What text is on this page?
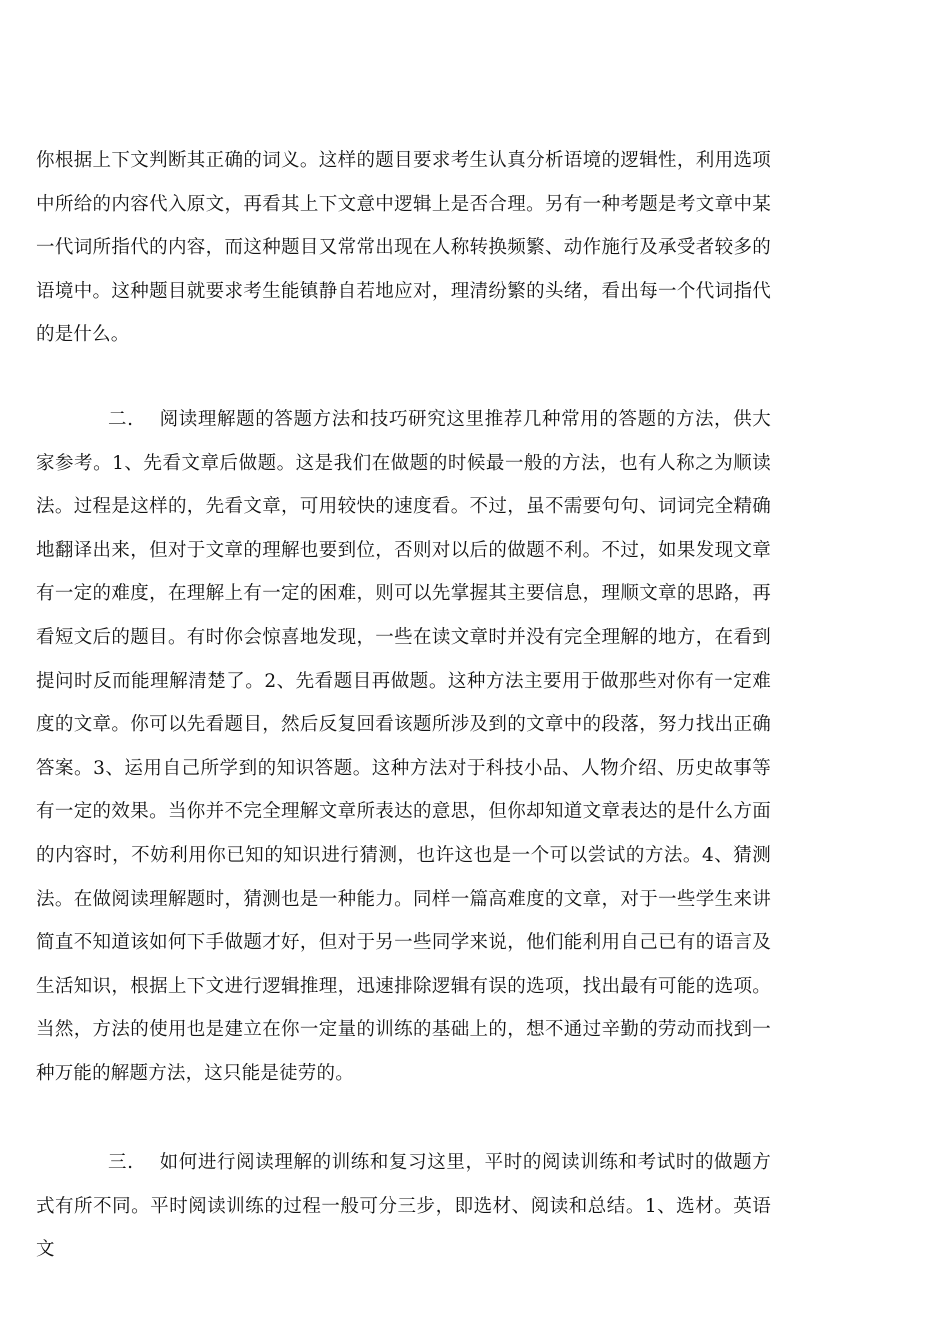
你根据上下文判断其正确的词义。这样的题目要求考生认真分析语境的逻辑性，利用选项中所给的内容代入原文，再看其上下文意中逻辑上是否合理。另有一种考题是考文章中某一代词所指代的内容，而这种题目又常常出现在人称转换频繁、动作施行及承受者较多的语境中。这种题目就要求考生能镇静自若地应对，理清纷繁的头绪，看出每一个代词指代的是什么。

二. 阅读理解题的答题方法和技巧研究这里推荐几种常用的答题的方法，供大家参考。1、先看文章后做题。这是我们在做题的时候最一般的方法，也有人称之为顺读法。过程是这样的，先看文章，可用较快的速度看。不过，虽不需要句句、词词完全精确地翻译出来，但对于文章的理解也要到位，否则对以后的做题不利。不过，如果发现文章有一定的难度，在理解上有一定的困难，则可以先掌握其主要信息，理顺文章的思路，再看短文后的题目。有时你会惊喜地发现，一些在读文章时并没有完全理解的地方，在看到提问时反而能理解清楚了。2、先看题目再做题。这种方法主要用于做那些对你有一定难度的文章。你可以先看题目，然后反复回看该题所涉及到的文章中的段落，努力找出正确答案。3、运用自己所学到的知识答题。这种方法对于科技小品、人物介绍、历史故事等有一定的效果。当你并不完全理解文章所表达的意思，但你却知道文章表达的是什么方面的内容时，不妨利用你已知的知识进行猜测，也许这也是一个可以尝试的方法。4、猜测法。在做阅读理解题时，猜测也是一种能力。同样一篇高难度的文章，对于一些学生来讲简直不知道该如何下手做题才好，但对于另一些同学来说，他们能利用自己已有的语言及生活知识，根据上下文进行逻辑推理，迅速排除逻辑有误的选项，找出最有可能的选项。当然，方法的使用也是建立在你一定量的训练的基础上的，想不通过辛勤的劳动而找到一种万能的解题方法，这只能是徒劳的。

三. 如何进行阅读理解的训练和复习这里，平时的阅读训练和考试时的做题方式有所不同。平时阅读训练的过程一般可分三步，即选材、阅读和总结。1、选材。英语文
